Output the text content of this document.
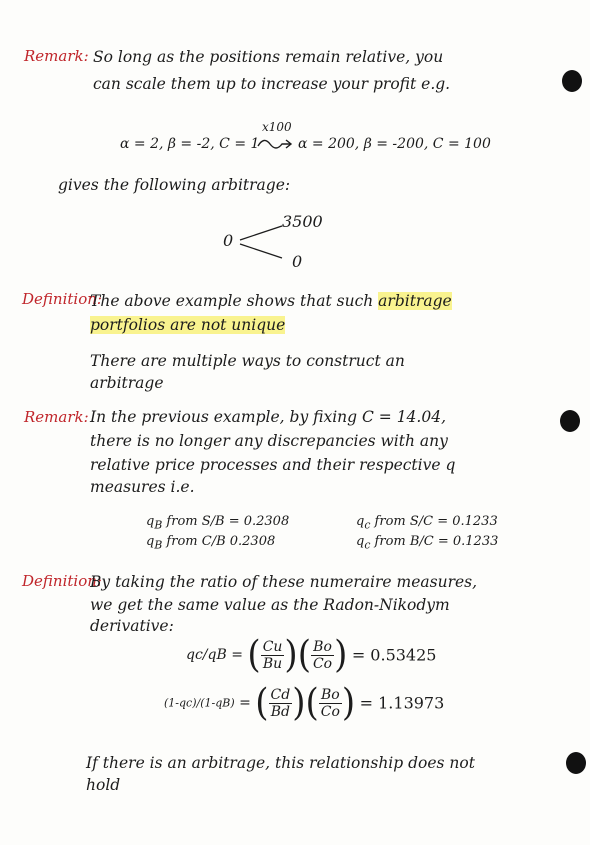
Remark: So long as the positions remain relative, you
can scale them up to increase your profit e.g.
α = 2, β = -2, C = 1
x100
α = 200, β = -200, C = 100
gives the following arbitrage:
0
3500
0
Definition:
The above example shows that such arbitrage
portfolios are not unique
There are multiple ways to construct an
arbitrage
Remark: In the previous example, by fixing C = 14.04,
there is no longer any discrepancies with any
relative price processes and their respective q
measures i.e.
$q_B$ from S/B = 0.2308
$q_B$ from C/B 0.2308
$q_c$ from S/C = 0.1233
$q_c$ from B/C = 0.1233
Definition:
By taking the ratio of these numeraire measures,
we get the same value as the Radon-Nikodym
derivative:
qc/qB = ( $\frac{Cu}{Bu}$ )( $\frac{Bo}{Co}$ ) = 0.53425
(1-qc)/(1-qB) = ( $\frac{Cd}{Bd}$ )( $\frac{Bo}{Co}$ ) = 1.13973
If there is an arbitrage, this relationship does not
hold
